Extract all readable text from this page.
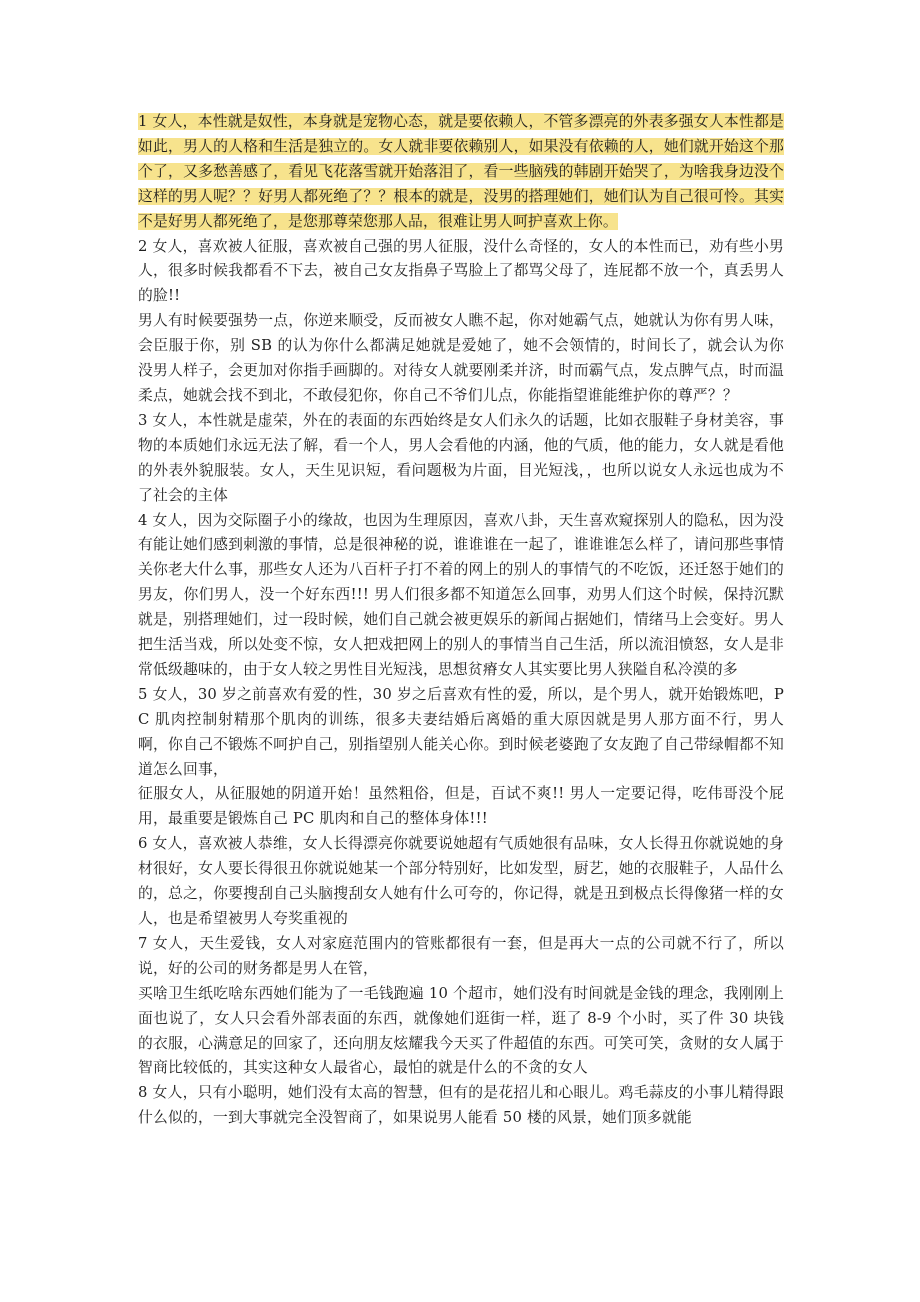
1 女人，本性就是奴性，本身就是宠物心态，就是要依赖人，不管多漂亮的外表多强女人本性都是如此，男人的人格和生活是独立的。女人就非要依赖别人，如果没有依赖的人，她们就开始这个那个了，又多愁善感了，看见飞花落雪就开始落泪了，看一些脑残的韩剧开始哭了，为啥我身边没个这样的男人呢？？好男人都死绝了？？根本的就是，没男的搭理她们，她们认为自己很可怜。其实不是好男人都死绝了，是您那尊荣您那人品，很难让男人呵护喜欢上你。

2 女人，喜欢被人征服，喜欢被自己强的男人征服，没什么奇怪的，女人的本性而已，劝有些小男人，很多时候我都看不下去，被自己女友指鼻子骂脸上了都骂父母了，连屁都不放一个，真丢男人的脸!!

男人有时候要强势一点，你逆来顺受，反而被女人瞧不起，你对她霸气点，她就认为你有男人味，会臣服于你，别 SB 的认为你什么都满足她就是爱她了，她不会领情的，时间长了，就会认为你没男人样子，会更加对你指手画脚的。对待女人就要刚柔并济，时而霸气点，发点脾气点，时而温柔点，她就会找不到北，不敢侵犯你，你自己不爷们儿点，你能指望谁能维护你的尊严？？

3 女人，本性就是虚荣，外在的表面的东西始终是女人们永久的话题，比如衣服鞋子身材美容，事物的本质她们永远无法了解，看一个人，男人会看他的内涵，他的气质，他的能力，女人就是看他的外表外貌服装。女人，天生见识短，看问题极为片面，目光短浅，，也所以说女人永远也成为不了社会的主体

4 女人，因为交际圈子小的缘故，也因为生理原因，喜欢八卦，天生喜欢窥探别人的隐私，因为没有能让她们感到刺激的事情，总是很神秘的说，谁谁谁在一起了，谁谁谁怎么样了，请问那些事情关你老大什么事，那些女人还为八百杆子打不着的网上的别人的事情气的不吃饭，还迁怒于她们的男友，你们男人，没一个好东西!!! 男人们很多都不知道怎么回事，劝男人们这个时候，保持沉默就是，别搭理她们，过一段时候，她们自己就会被更娱乐的新闻占据她们，情绪马上会变好。男人把生活当戏，所以处变不惊，女人把戏把网上的别人的事情当自己生活，所以流泪愤怒，女人是非常低级趣味的，由于女人较之男性目光短浅，思想贫瘠女人其实要比男人狭隘自私冷漠的多

5 女人，30 岁之前喜欢有爱的性，30 岁之后喜欢有性的爱，所以，是个男人，就开始锻炼吧，PC 肌肉控制射精那个肌肉的训练，很多夫妻结婚后离婚的重大原因就是男人那方面不行，男人啊，你自己不锻炼不呵护自己，别指望别人能关心你。到时候老婆跑了女友跑了自己带绿帽都不知道怎么回事，

征服女人，从征服她的阴道开始！虽然粗俗，但是，百试不爽!! 男人一定要记得，吃伟哥没个屁用，最重要是锻炼自己 PC 肌肉和自己的整体身体!!!

6 女人，喜欢被人恭维，女人长得漂亮你就要说她超有气质她很有品味，女人长得丑你就说她的身材很好，女人要长得很丑你就说她某一个部分特别好，比如发型，厨艺，她的衣服鞋子，人品什么的，总之，你要搜刮自己头脑搜刮女人她有什么可夸的，你记得，就是丑到极点长得像猪一样的女人，也是希望被男人夸奖重视的

7 女人，天生爱钱，女人对家庭范围内的管账都很有一套，但是再大一点的公司就不行了，所以说，好的公司的财务都是男人在管，

买啥卫生纸吃啥东西她们能为了一毛钱跑遍 10 个超市，她们没有时间就是金钱的理念，我刚刚上面也说了，女人只会看外部表面的东西，就像她们逛街一样，逛了 8-9 个小时，买了件 30 块钱的衣服，心满意足的回家了，还向朋友炫耀我今天买了件超值的东西。可笑可笑，贪财的女人属于智商比较低的，其实这种女人最省心，最怕的就是什么的不贪的女人

8 女人，只有小聪明，她们没有太高的智慧，但有的是花招儿和心眼儿。鸡毛蒜皮的小事儿精得跟什么似的，一到大事就完全没智商了，如果说男人能看 50 楼的风景，她们顶多就能
